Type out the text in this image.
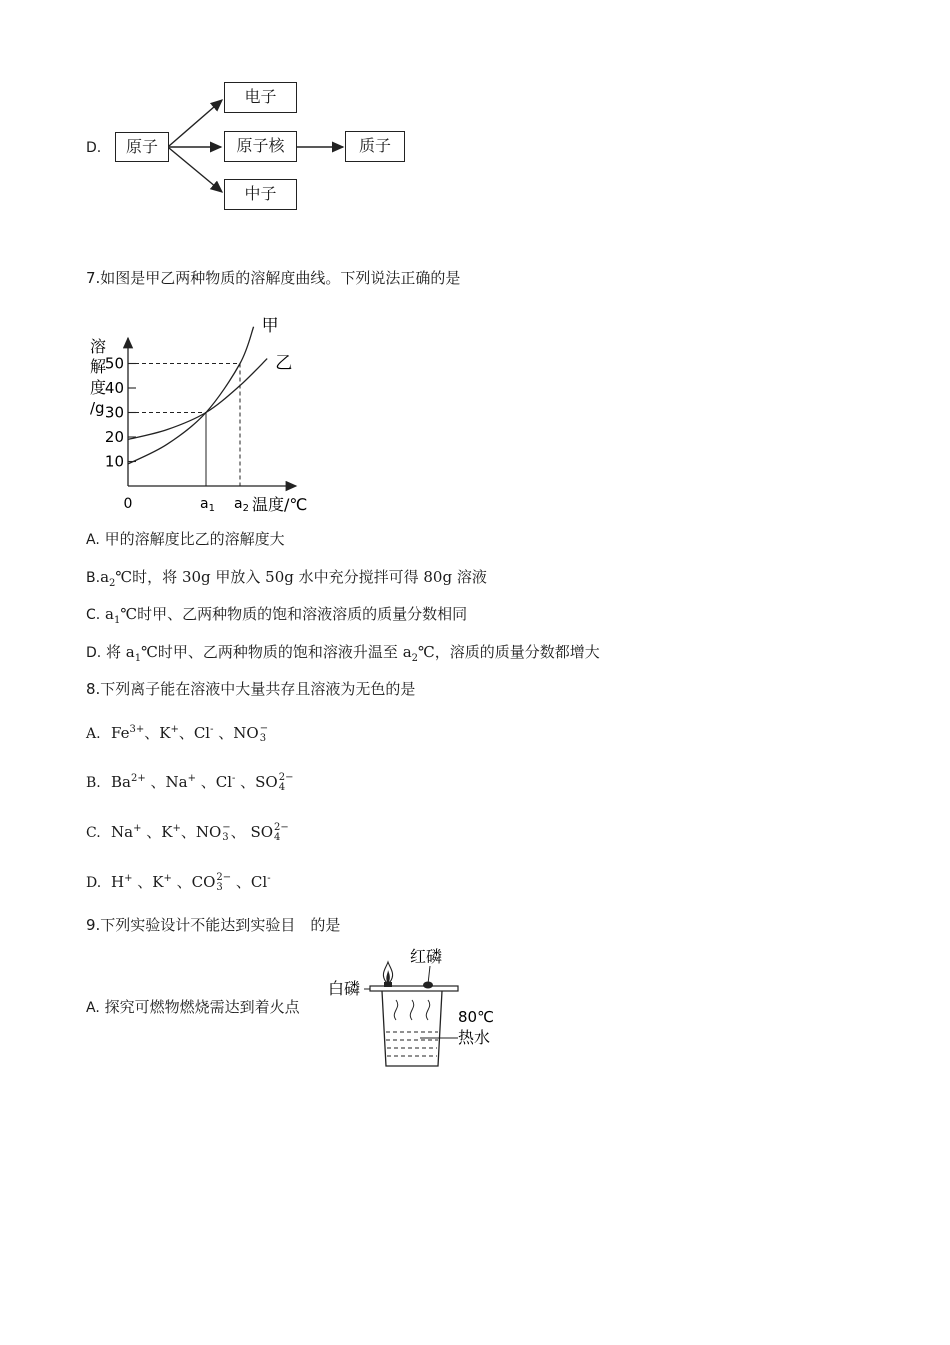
D.	原子
电子
原子核	质子
中子
7.如图是甲乙两种物质的溶解度曲线。下列说法正确的是
溶
解
度
/g
10
20
30
40
50
0	$a_1$ $a_2$ 温度/℃
甲
乙
A. 甲的溶解度比乙的溶解度大
$B.a_2℃$时，将 30g 甲放入 50g 水中充分搅拌可得 80g 溶液
C. $a_1℃$时甲、乙两种物质的饱和溶液溶质的质量分数相同
D. 将 $a_1℃$时甲、乙两种物质的饱和溶液升温至 $a_2℃$，溶质的质量分数都增大
8.下列离子能在溶液中大量共存且溶液为无色的是
A. $Fe^{3+}$、K+、Cl- 、NO −
3
B. $Ba^{2+}$ 、Na+ 、Cl- 、SO 2−
4
C. Na+ 、K+、NO −
3 、 SO 2−
4
D. H+ 、K+ 、CO 2−
3 、Cl-
9.下列实验设计不能达到实验目　的是
A. 探究可燃物燃烧需达到着火点
红磷
白磷
80℃
热水
